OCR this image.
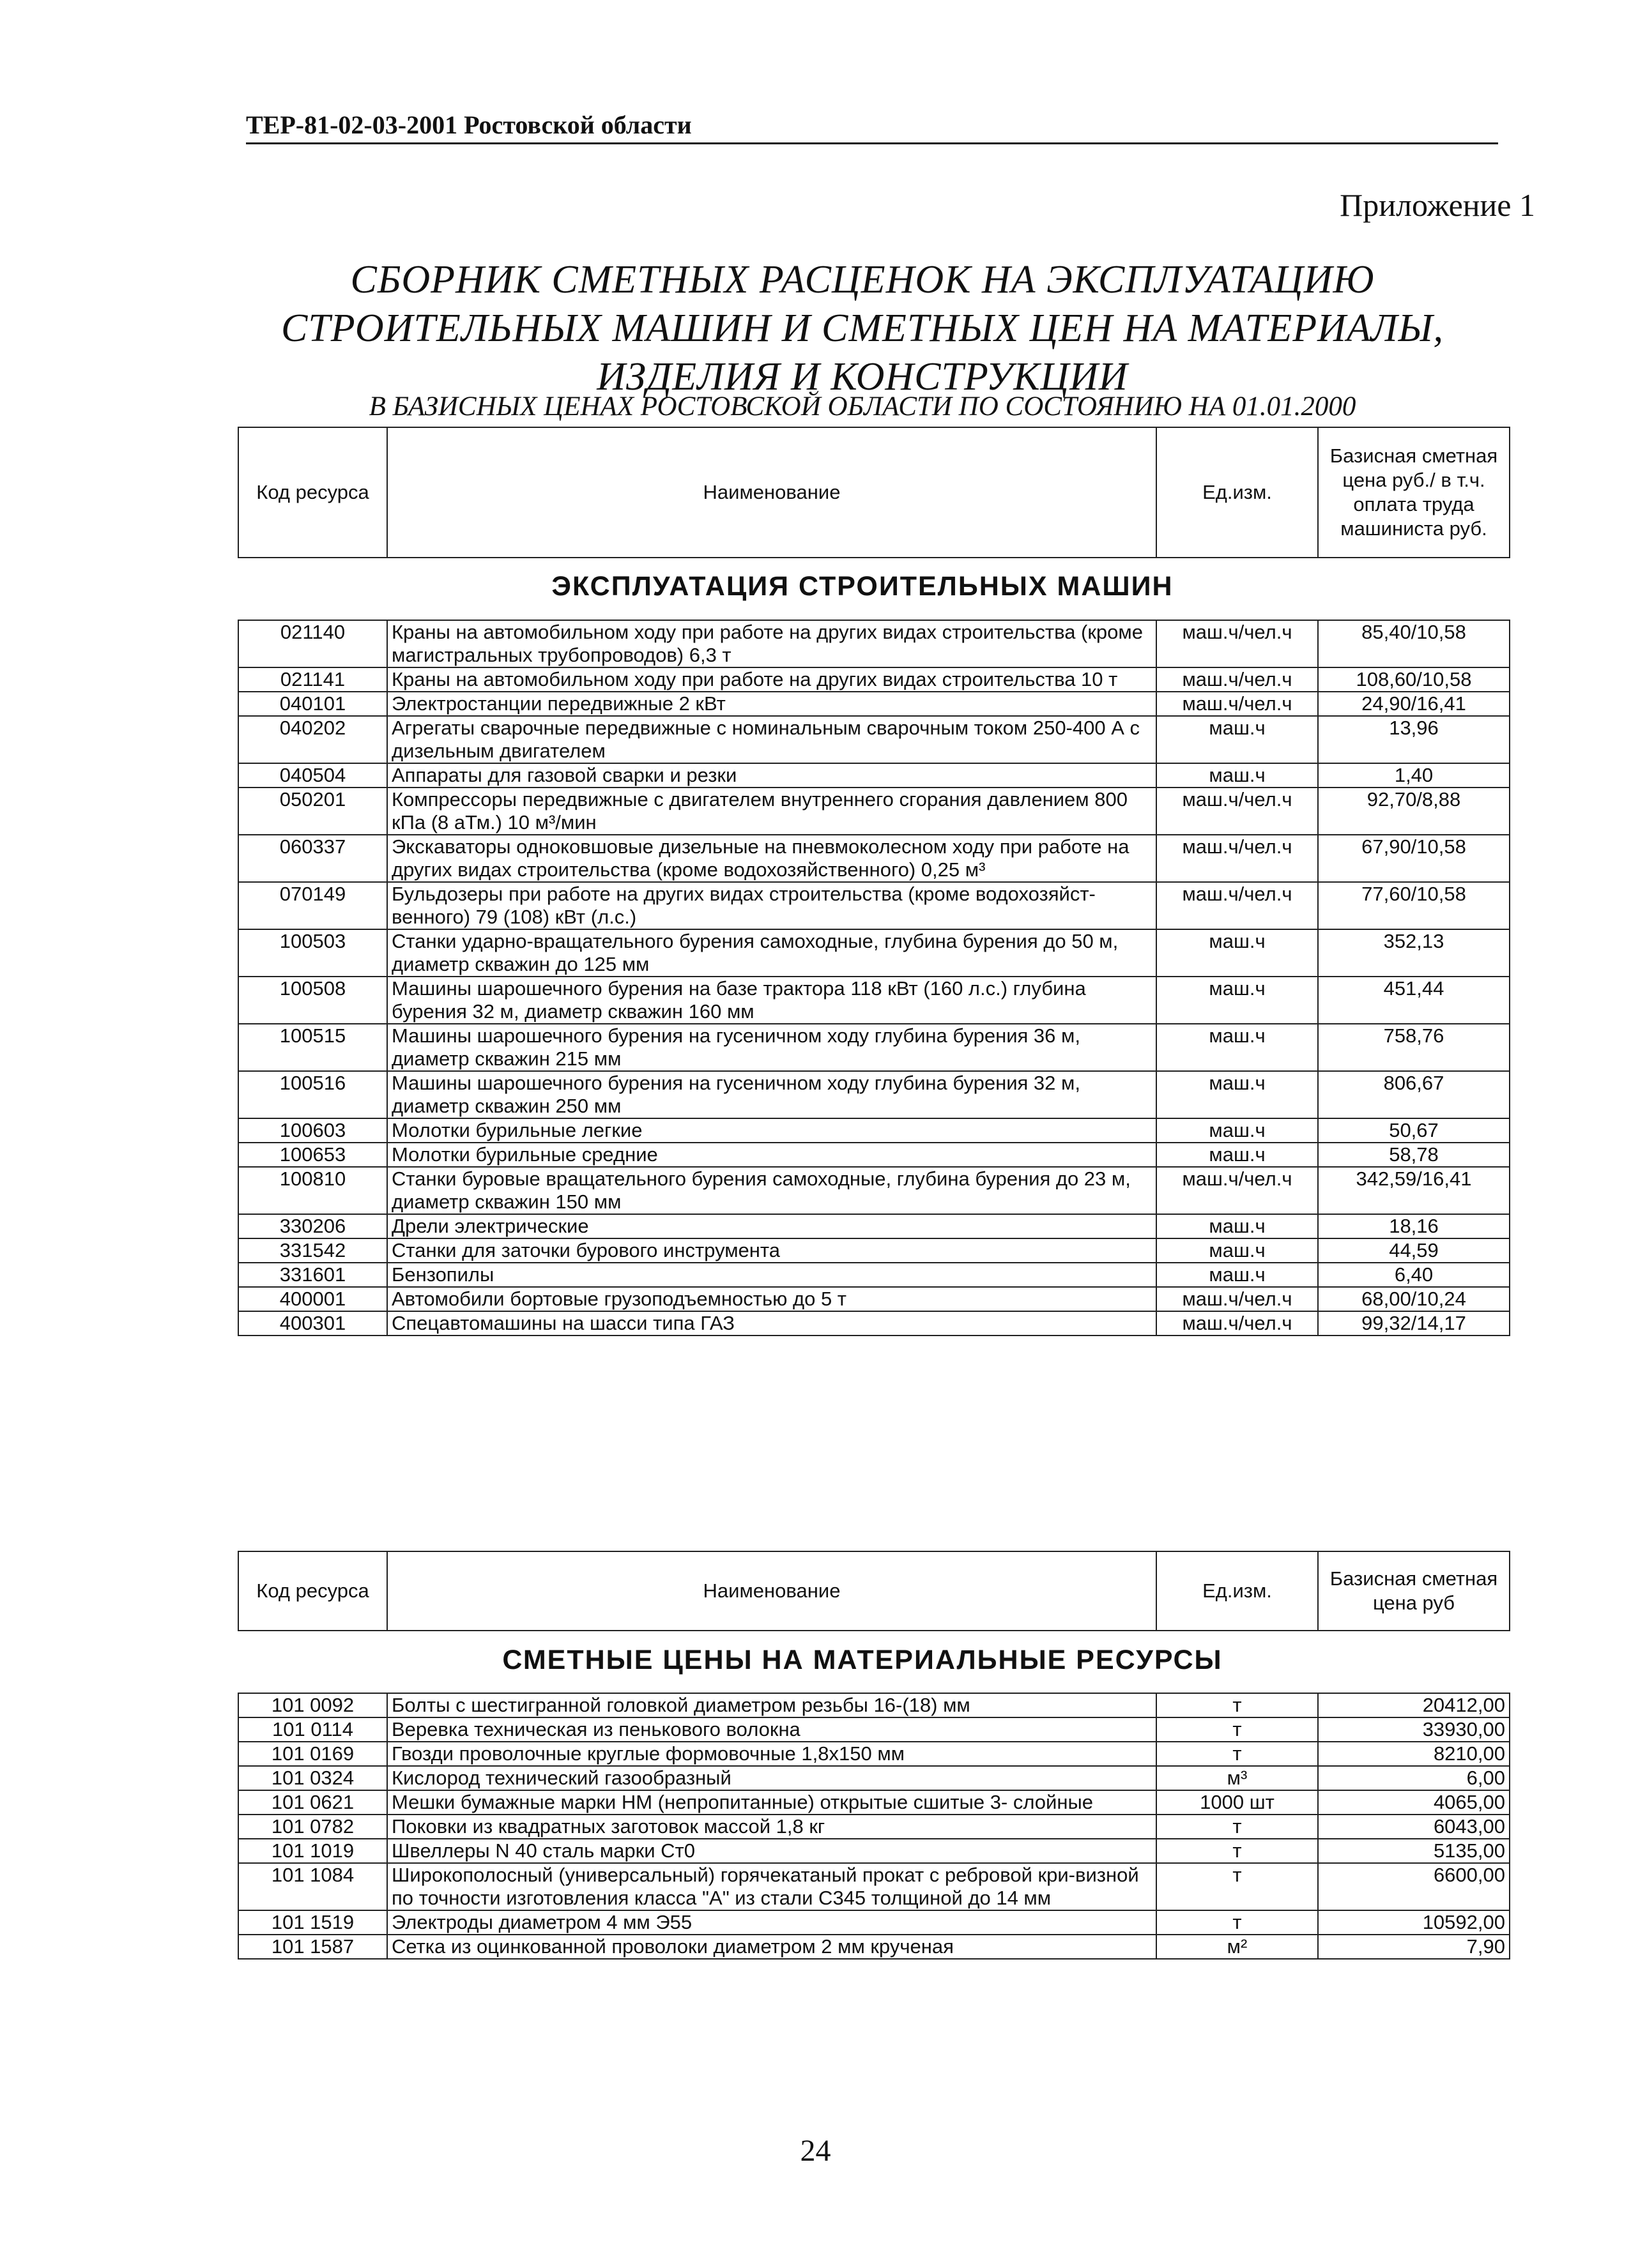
ТЕР-81-02-03-2001 Ростовской области
Приложение 1
СБОРНИК СМЕТНЫХ РАСЦЕНОК НА ЭКСПЛУАТАЦИЮ
СТРОИТЕЛЬНЫХ МАШИН И СМЕТНЫХ ЦЕН НА МАТЕРИАЛЫ,
ИЗДЕЛИЯ И КОНСТРУКЦИИ
В БАЗИСНЫХ ЦЕНАХ РОСТОВСКОЙ ОБЛАСТИ ПО СОСТОЯНИЮ НА 01.01.2000
Код ресурса	Наименование	Ед.изм.	Базисная сметная цена руб./ в т.ч. оплата труда машиниста руб.
ЭКСПЛУАТАЦИЯ СТРОИТЕЛЬНЫХ МАШИН
021140	Краны на автомобильном ходу при работе на других видах строительства (кроме магистральных трубопроводов) 6,3 т	маш.ч/чел.ч	85,40/10,58
021141	Краны на автомобильном ходу при работе на других видах строительства 10 т	маш.ч/чел.ч	108,60/10,58
040101	Электростанции передвижные 2 кВт	маш.ч/чел.ч	24,90/16,41
040202	Агрегаты сварочные передвижные с номинальным сварочным током 250-400 А с дизельным двигателем	маш.ч	13,96
040504	Аппараты для газовой сварки и резки	маш.ч	1,40
050201	Компрессоры передвижные с двигателем внутреннего сгорания давлением 800 кПа (8 аТм.) 10 м³/мин	маш.ч/чел.ч	92,70/8,88
060337	Экскаваторы одноковшовые дизельные на пневмоколесном ходу при работе на других видах строительства (кроме водохозяйственного) 0,25 м³	маш.ч/чел.ч	67,90/10,58
070149	Бульдозеры при работе на других видах строительства (кроме водохозяйст-венного) 79 (108) кВт (л.с.)	маш.ч/чел.ч	77,60/10,58
100503	Станки ударно-вращательного бурения самоходные, глубина бурения до 50 м, диаметр скважин до 125 мм	маш.ч	352,13
100508	Машины шарошечного бурения на базе трактора 118 кВт (160 л.с.) глубина бурения 32 м, диаметр скважин 160 мм	маш.ч	451,44
100515	Машины шарошечного бурения на гусеничном ходу глубина бурения 36 м, диаметр скважин 215 мм	маш.ч	758,76
100516	Машины шарошечного бурения на гусеничном ходу глубина бурения 32 м, диаметр скважин 250 мм	маш.ч	806,67
100603	Молотки бурильные легкие	маш.ч	50,67
100653	Молотки бурильные средние	маш.ч	58,78
100810	Станки буровые вращательного бурения самоходные, глубина бурения до 23 м, диаметр скважин 150 мм	маш.ч/чел.ч	342,59/16,41
330206	Дрели электрические	маш.ч	18,16
331542	Станки для заточки бурового инструмента	маш.ч	44,59
331601	Бензопилы	маш.ч	6,40
400001	Автомобили бортовые грузоподъемностью до 5 т	маш.ч/чел.ч	68,00/10,24
400301	Спецавтомашины на шасси типа ГАЗ	маш.ч/чел.ч	99,32/14,17
Код ресурса	Наименование	Ед.изм.	Базисная сметная цена руб
СМЕТНЫЕ ЦЕНЫ НА МАТЕРИАЛЬНЫЕ РЕСУРСЫ
101 0092	Болты с шестигранной головкой диаметром резьбы 16-(18) мм	т	20412,00
101 0114	Веревка техническая из пенькового волокна	т	33930,00
101 0169	Гвозди проволочные круглые формовочные 1,8х150 мм	т	8210,00
101 0324	Кислород технический газообразный	м³	6,00
101 0621	Мешки бумажные марки НМ (непропитанные) открытые сшитые 3- слойные	1000 шт	4065,00
101 0782	Поковки из квадратных заготовок массой 1,8 кг	т	6043,00
101 1019	Швеллеры N 40 сталь марки Ст0	т	5135,00
101 1084	Широкополосный (универсальный) горячекатаный прокат с ребровой кри-визной по точности изготовления класса "А" из стали С345 толщиной до 14 мм	т	6600,00
101 1519	Электроды диаметром 4 мм Э55	т	10592,00
101 1587	Сетка из оцинкованной проволоки диаметром 2 мм крученая	м²	7,90
24
